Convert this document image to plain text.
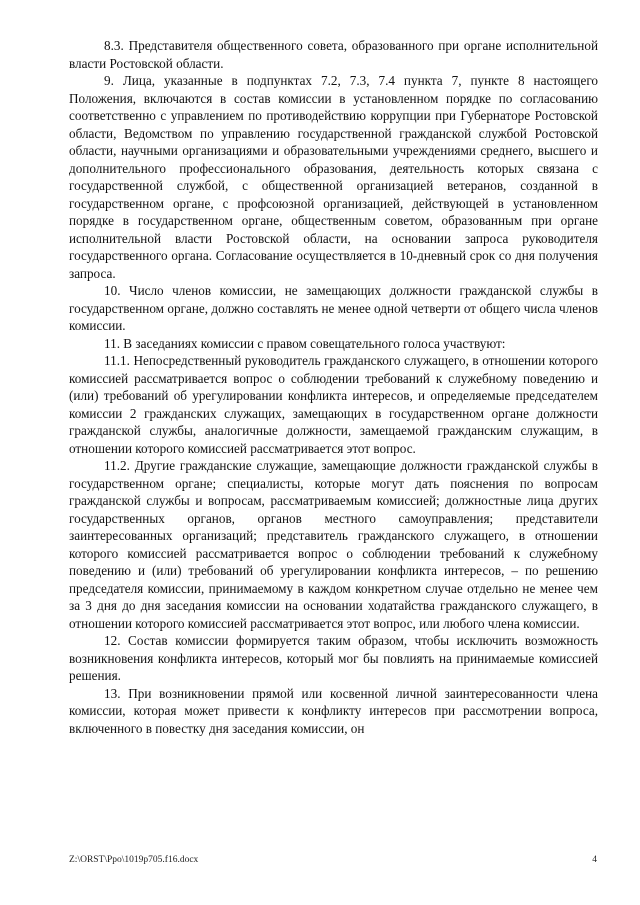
8.3. Представителя общественного совета, образованного при органе исполнительной власти Ростовской области.

9. Лица, указанные в подпунктах 7.2, 7.3, 7.4 пункта 7, пункте 8 настоящего Положения, включаются в состав комиссии в установленном порядке по согласованию соответственно с управлением по противодействию коррупции при Губернаторе Ростовской области, Ведомством по управлению государственной гражданской службой Ростовской области, научными организациями и образовательными учреждениями среднего, высшего и дополнительного профессионального образования, деятельность которых связана с государственной службой, с общественной организацией ветеранов, созданной в государственном органе, с профсоюзной организацией, действующей в установленном порядке в государственном органе, общественным советом, образованным при органе исполнительной власти Ростовской области, на основании запроса руководителя государственного органа. Согласование осуществляется в 10-дневный срок со дня получения запроса.

10. Число членов комиссии, не замещающих должности гражданской службы в государственном органе, должно составлять не менее одной четверти от общего числа членов комиссии.

11. В заседаниях комиссии с правом совещательного голоса участвуют:

11.1. Непосредственный руководитель гражданского служащего, в отношении которого комиссией рассматривается вопрос о соблюдении требований к служебному поведению и (или) требований об урегулировании конфликта интересов, и определяемые председателем комиссии 2 гражданских служащих, замещающих в государственном органе должности гражданской службы, аналогичные должности, замещаемой гражданским служащим, в отношении которого комиссией рассматривается этот вопрос.

11.2. Другие гражданские служащие, замещающие должности гражданской службы в государственном органе; специалисты, которые могут дать пояснения по вопросам гражданской службы и вопросам, рассматриваемым комиссией; должностные лица других государственных органов, органов местного самоуправления; представители заинтересованных организаций; представитель гражданского служащего, в отношении которого комиссией рассматривается вопрос о соблюдении требований к служебному поведению и (или) требований об урегулировании конфликта интересов, – по решению председателя комиссии, принимаемому в каждом конкретном случае отдельно не менее чем за 3 дня до дня заседания комиссии на основании ходатайства гражданского служащего, в отношении которого комиссией рассматривается этот вопрос, или любого члена комиссии.

12. Состав комиссии формируется таким образом, чтобы исключить возможность возникновения конфликта интересов, который мог бы повлиять на принимаемые комиссией решения.

13. При возникновении прямой или косвенной личной заинтересованности члена комиссии, которая может привести к конфликту интересов при рассмотрении вопроса, включенного в повестку дня заседания комиссии, он

Z:\ORST\Ppo\1019p705.f16.docx	4
